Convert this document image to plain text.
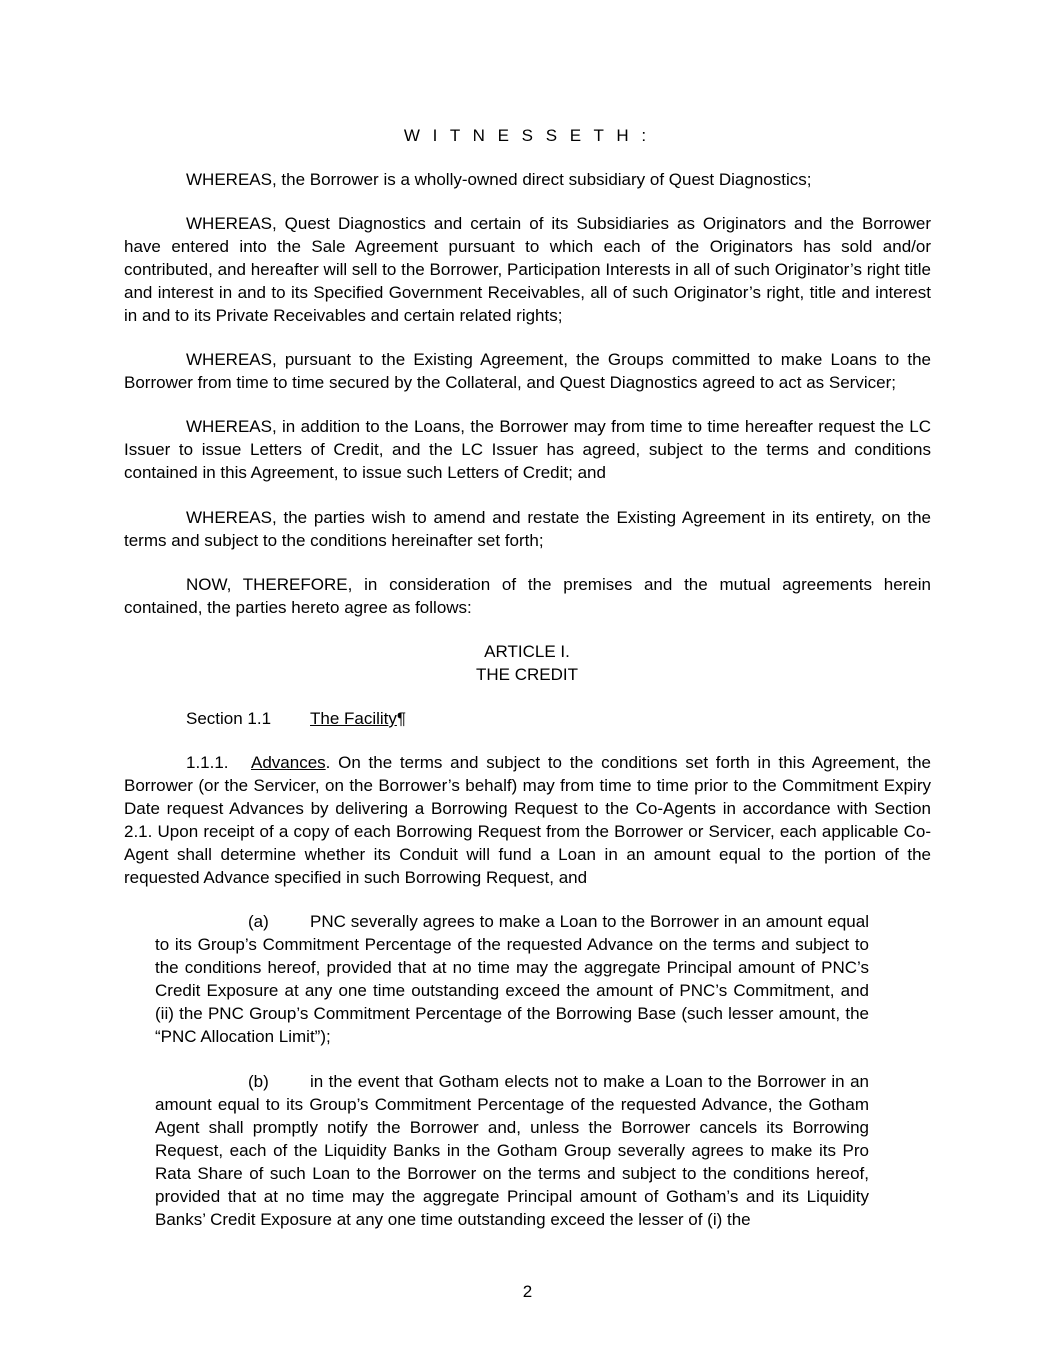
W I T N E S S E T H :

WHEREAS, the Borrower is a wholly-owned direct subsidiary of Quest Diagnostics;

WHEREAS, Quest Diagnostics and certain of its Subsidiaries as Originators and the Borrower have entered into the Sale Agreement pursuant to which each of the Originators has sold and/or contributed, and hereafter will sell to the Borrower, Participation Interests in all of such Originator’s right title and interest in and to its Specified Government Receivables, all of such Originator’s right, title and interest in and to its Private Receivables and certain related rights;

WHEREAS, pursuant to the Existing Agreement, the Groups committed to make Loans to the Borrower from time to time secured by the Collateral, and Quest Diagnostics agreed to act as Servicer;

WHEREAS, in addition to the Loans, the Borrower may from time to time hereafter request the LC Issuer to issue Letters of Credit, and the LC Issuer has agreed, subject to the terms and conditions contained in this Agreement, to issue such Letters of Credit; and

WHEREAS, the parties wish to amend and restate the Existing Agreement in its entirety, on the terms and subject to the conditions hereinafter set forth;

NOW, THEREFORE, in consideration of the premises and the mutual agreements herein contained, the parties hereto agree as follows:

ARTICLE I.
THE CREDIT

Section 1.1 The Facility¶

1.1.1. Advances. On the terms and subject to the conditions set forth in this Agreement, the Borrower (or the Servicer, on the Borrower’s behalf) may from time to time prior to the Commitment Expiry Date request Advances by delivering a Borrowing Request to the Co-Agents in accordance with Section 2.1. Upon receipt of a copy of each Borrowing Request from the Borrower or Servicer, each applicable Co-Agent shall determine whether its Conduit will fund a Loan in an amount equal to the portion of the requested Advance specified in such Borrowing Request, and

(a) PNC severally agrees to make a Loan to the Borrower in an amount equal to its Group’s Commitment Percentage of the requested Advance on the terms and subject to the conditions hereof, provided that at no time may the aggregate Principal amount of PNC’s Credit Exposure at any one time outstanding exceed the amount of PNC’s Commitment, and (ii) the PNC Group’s Commitment Percentage of the Borrowing Base (such lesser amount, the “PNC Allocation Limit”);

(b) in the event that Gotham elects not to make a Loan to the Borrower in an amount equal to its Group’s Commitment Percentage of the requested Advance, the Gotham Agent shall promptly notify the Borrower and, unless the Borrower cancels its Borrowing Request, each of the Liquidity Banks in the Gotham Group severally agrees to make its Pro Rata Share of such Loan to the Borrower on the terms and subject to the conditions hereof, provided that at no time may the aggregate Principal amount of Gotham’s and its Liquidity Banks’ Credit Exposure at any one time outstanding exceed the lesser of (i) the

2
